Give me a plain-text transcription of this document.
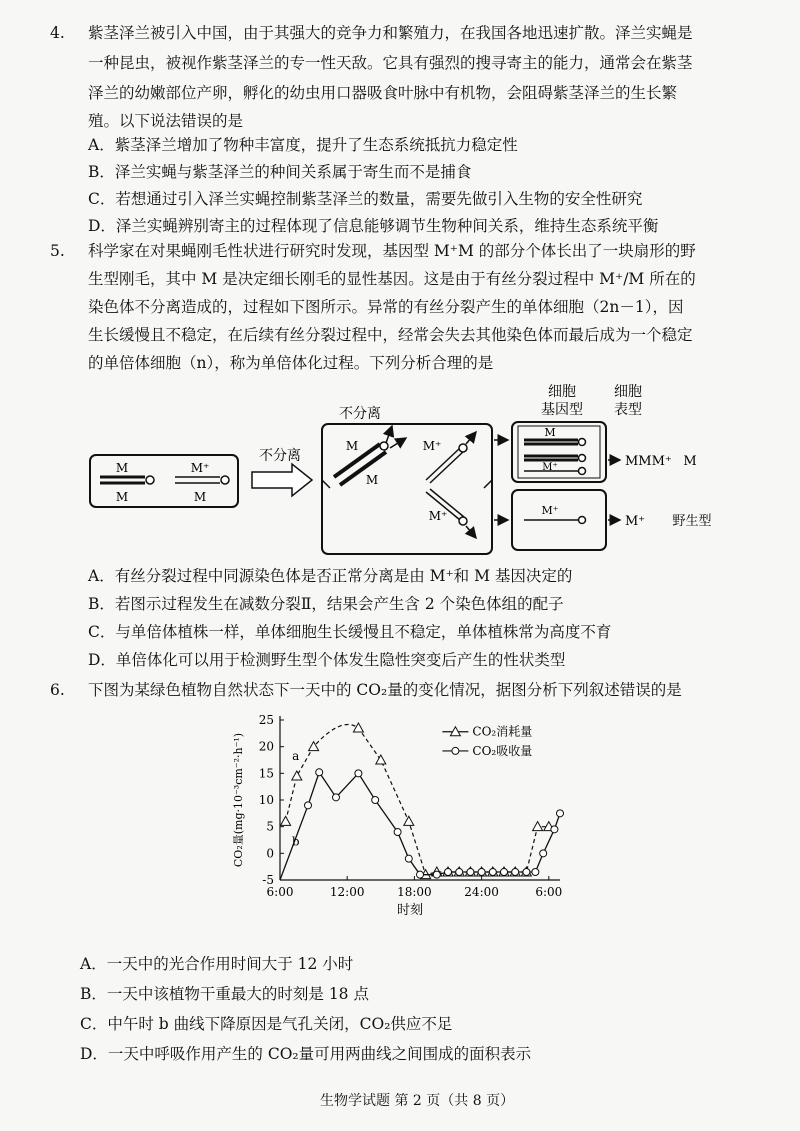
4. 紫茎泽兰被引入中国，由于其强大的竞争力和繁殖力，在我国各地迅速扩散。泽兰实蝇是
一种昆虫，被视作紫茎泽兰的专一性天敌。它具有强烈的搜寻寄主的能力，通常会在紫茎
泽兰的幼嫩部位产卵，孵化的幼虫用口器吸食叶脉中有机物，会阻碍紫茎泽兰的生长繁
殖。以下说法错误的是
A．紫茎泽兰增加了物种丰富度，提升了生态系统抵抗力稳定性
B．泽兰实蝇与紫茎泽兰的种间关系属于寄生而不是捕食
C．若想通过引入泽兰实蝇控制紫茎泽兰的数量，需要先做引入生物的安全性研究
D．泽兰实蝇辨别寄主的过程体现了信息能够调节生物种间关系，维持生态系统平衡
5. 科学家在对果蝇刚毛性状进行研究时发现，基因型 M⁺M 的部分个体长出了一块扇形的野
生型刚毛，其中 M 是决定细长刚毛的显性基因。这是由于有丝分裂过程中 M⁺/M 所在的
染色体不分离造成的，过程如下图所示。异常的有丝分裂产生的单体细胞（2n－1），因
生长缓慢且不稳定，在后续有丝分裂过程中，经常会失去其他染色体而最后成为一个稳定
的单倍体细胞（n），称为单倍体化过程。下列分析合理的是
细胞
基因型
细胞
表型
M
M
M⁺
M
不分离
不分离
M
M
M⁺
M⁺
M
M⁺	MMM⁺ M
M⁺
M⁺ 野生型
A．有丝分裂过程中同源染色体是否正常分离是由 M⁺和 M 基因决定的
B．若图示过程发生在减数分裂Ⅱ，结果会产生含 2 个染色体组的配子
C．与单倍体植株一样，单体细胞生长缓慢且不稳定，单体植株常为高度不育
D．单倍体化可以用于检测野生型个体发生隐性突变后产生的性状类型
6. 下图为某绿色植物自然状态下一天中的 CO₂量的变化情况，据图分析下列叙述错误的是
-5
0
5
10
15
20
25
6:00	12:00	18:00	24:00	6:00
时刻
CO₂量(mg·10⁻³cm⁻²·h⁻¹)	a
b
CO₂消耗量
CO₂吸收量
A．一天中的光合作用时间大于 12 小时
B．一天中该植物干重最大的时刻是 18 点
C．中午时 b 曲线下降原因是气孔关闭，CO₂供应不足
D．一天中呼吸作用产生的 CO₂量可用两曲线之间围成的面积表示
生物学试题 第 2 页（共 8 页）
